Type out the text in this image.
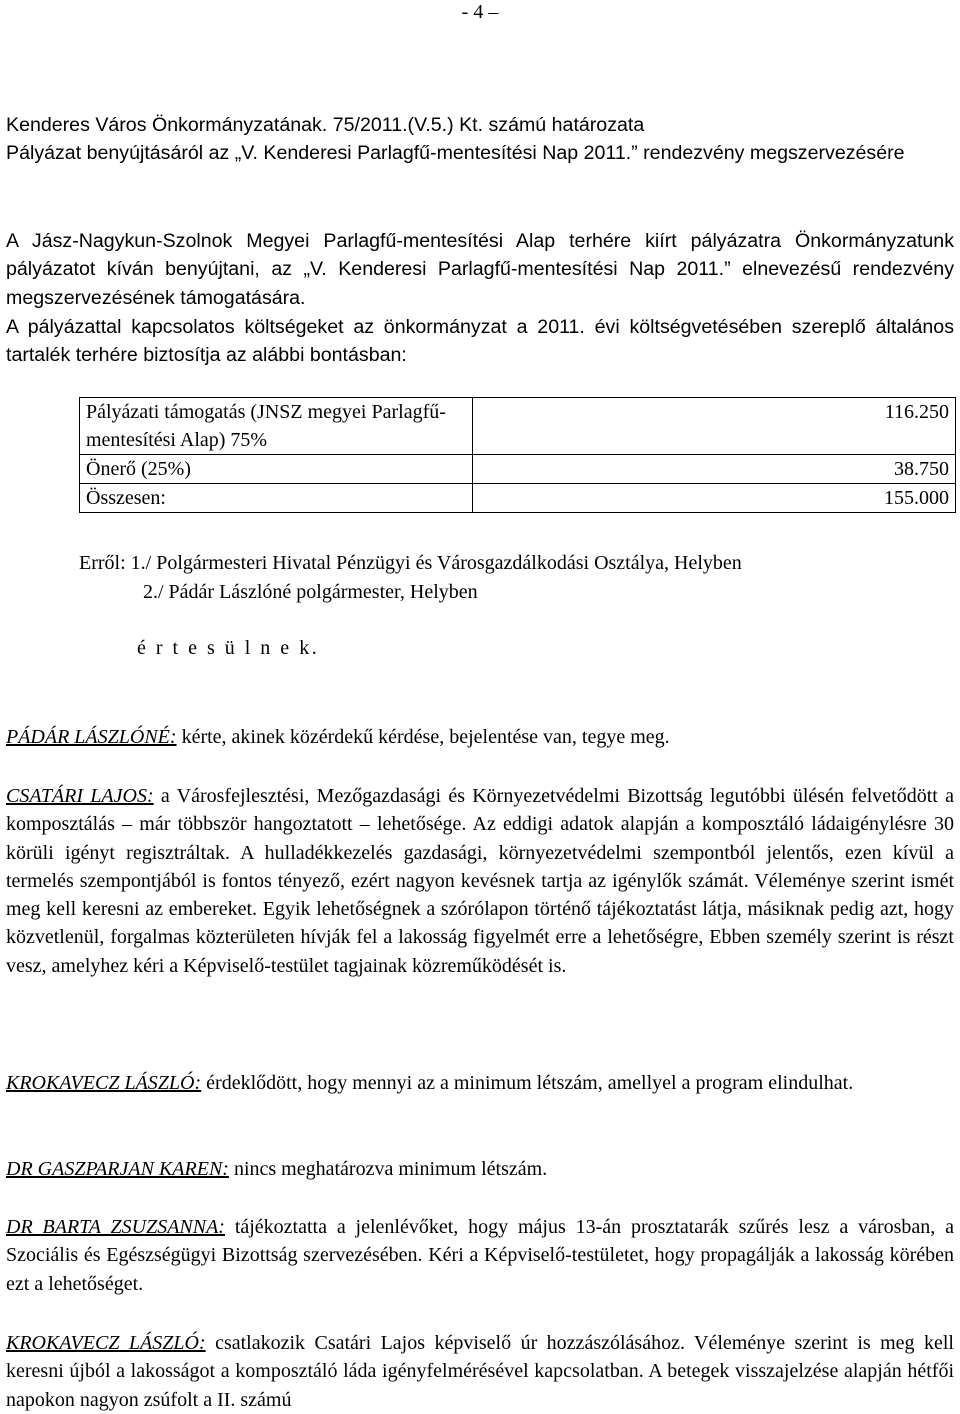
- 4 –
Kenderes Város Önkormányzatának. 75/2011.(V.5.) Kt. számú határozata
Pályázat benyújtásáról az „V. Kenderesi Parlagfű-mentesítési Nap 2011.” rendezvény megszervezésére
A Jász-Nagykun-Szolnok Megyei Parlagfű-mentesítési Alap terhére kiírt pályázatra Önkormányzatunk pályázatot kíván benyújtani, az „V. Kenderesi Parlagfű-mentesítési Nap 2011.” elnevezésű rendezvény megszervezésének támogatására.
A pályázattal kapcsolatos költségeket az önkormányzat a 2011. évi költségvetésében szereplő általános tartalék terhére biztosítja az alábbi bontásban:
Pályázati támogatás (JNSZ megyei Parlagfű-mentesítési Alap) 75%	116.250
Önerő (25%)	38.750
Összesen:	155.000
Erről: 1./ Polgármesteri Hivatal Pénzügyi és Városgazdálkodási Osztálya, Helyben
2./ Pádár Lászlóné polgármester, Helyben
é r t e s ü l n e k.
PÁDÁR LÁSZLÓNÉ: kérte, akinek közérdekű kérdése, bejelentése van, tegye meg.
CSATÁRI LAJOS: a Városfejlesztési, Mezőgazdasági és Környezetvédelmi Bizottság legutóbbi ülésén felvetődött a komposztálás – már többször hangoztatott – lehetősége. Az eddigi adatok alapján a komposztáló ládaigénylésre 30 körüli igényt regisztráltak. A hulladékkezelés gazdasági, környezetvédelmi szempontból jelentős, ezen kívül a termelés szempontjából is fontos tényező, ezért nagyon kevésnek tartja az igénylők számát. Véleménye szerint ismét meg kell keresni az embereket. Egyik lehetőségnek a szórólapon történő tájékoztatást látja, másiknak pedig azt, hogy közvetlenül, forgalmas közterületen hívják fel a lakosság figyelmét erre a lehetőségre, Ebben személy szerint is részt vesz, amelyhez kéri a Képviselő-testület tagjainak közreműködését is.
KROKAVECZ LÁSZLÓ: érdeklődött, hogy mennyi az a minimum létszám, amellyel a program elindulhat.
DR GASZPARJAN KAREN: nincs meghatározva minimum létszám.
DR BARTA ZSUZSANNA: tájékoztatta a jelenlévőket, hogy május 13-án prosztatarák szűrés lesz a városban, a Szociális és Egészségügyi Bizottság szervezésében. Kéri a Képviselő-testületet, hogy propagálják a lakosság körében ezt a lehetőséget.
KROKAVECZ LÁSZLÓ: csatlakozik Csatári Lajos képviselő úr hozzászólásához. Véleménye szerint is meg kell keresni újból a lakosságot a komposztáló láda igényfelmérésével kapcsolatban. A betegek visszajelzése alapján hétfői napokon nagyon zsúfolt a II. számú
